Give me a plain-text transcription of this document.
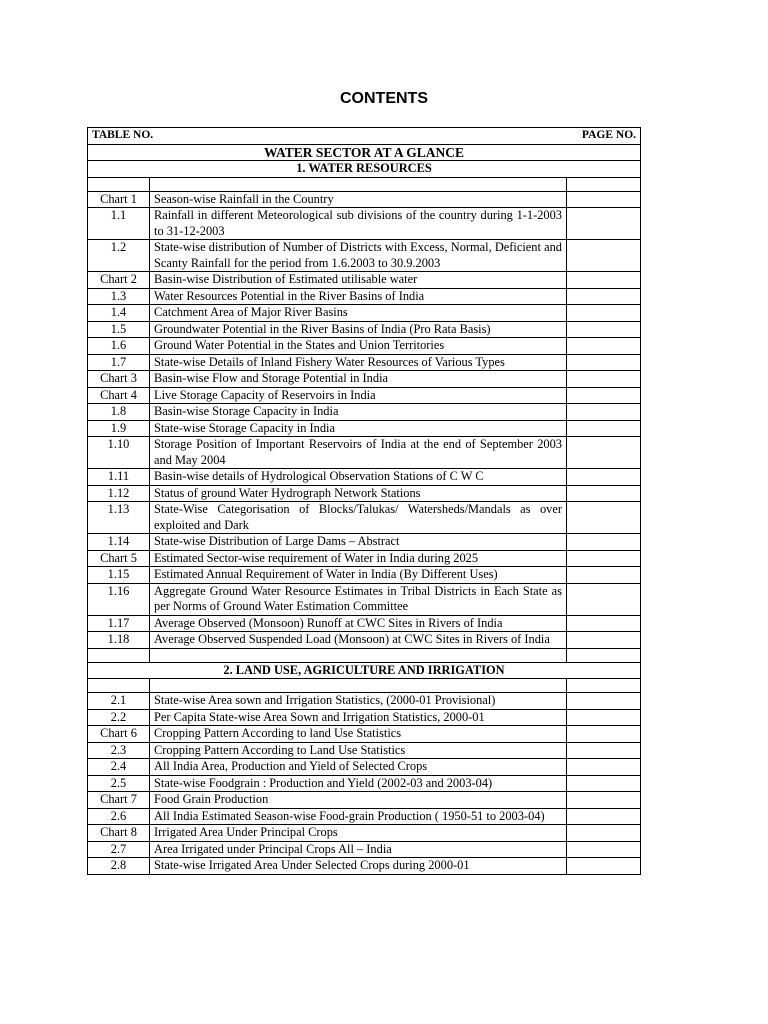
CONTENTS
TABLE NO. PAGE NO.		

WATER SECTOR AT A GLANCE		
1. WATER RESOURCES		

Chart 1	Season-wise Rainfall in the Country	
1.1	Rainfall in different Meteorological sub divisions of the country during 1-1-2003 to 31-12-2003	
1.2	State-wise distribution of Number of Districts with Excess, Normal, Deficient and Scanty Rainfall for the period from 1.6.2003 to 30.9.2003	
Chart 2	Basin-wise Distribution of Estimated utilisable water	
1.3	Water Resources Potential in the River Basins of India	
1.4	Catchment Area of Major River Basins	
1.5	Groundwater Potential in the River Basins of India (Pro Rata Basis)	
1.6	Ground Water Potential in the States and Union Territories	
1.7	State-wise Details of Inland Fishery Water Resources of Various Types	
Chart 3	Basin-wise Flow and Storage Potential in India	
Chart 4	Live Storage Capacity of Reservoirs in India	
1.8	Basin-wise Storage Capacity in India	
1.9	State-wise Storage Capacity in India	
1.10	Storage Position of Important Reservoirs of India at the end of September 2003 and May 2004	
1.11	Basin-wise details of Hydrological Observation Stations of C W C	
1.12	Status of ground Water Hydrograph Network Stations	
1.13	State-Wise Categorisation of Blocks/Talukas/ Watersheds/Mandals as over exploited and Dark	
1.14	State-wise Distribution of Large Dams – Abstract	
Chart 5	Estimated Sector-wise requirement of Water in India during 2025	
1.15	Estimated Annual Requirement of Water in India (By Different Uses)	
1.16	Aggregate Ground Water Resource Estimates in Tribal Districts in Each State as per Norms of Ground Water Estimation Committee	
1.17	Average Observed (Monsoon) Runoff at CWC Sites in Rivers of India	
1.18	Average Observed Suspended Load (Monsoon) at CWC Sites in Rivers of India	

2. LAND USE, AGRICULTURE AND IRRIGATION		

2.1	State-wise Area sown and Irrigation Statistics, (2000-01 Provisional)	
2.2	Per Capita State-wise Area Sown and Irrigation Statistics, 2000-01	
Chart 6	Cropping Pattern According to land Use Statistics	
2.3	Cropping Pattern According to Land Use Statistics	
2.4	All India Area, Production and Yield of Selected Crops	
2.5	State-wise Foodgrain : Production and Yield (2002-03 and 2003-04)	
Chart 7	Food Grain Production	
2.6	All India Estimated Season-wise Food-grain Production ( 1950-51 to 2003-04)	
Chart 8	Irrigated Area Under Principal Crops	
2.7	Area Irrigated under Principal Crops All – India	
2.8	State-wise Irrigated Area Under Selected Crops during 2000-01	
